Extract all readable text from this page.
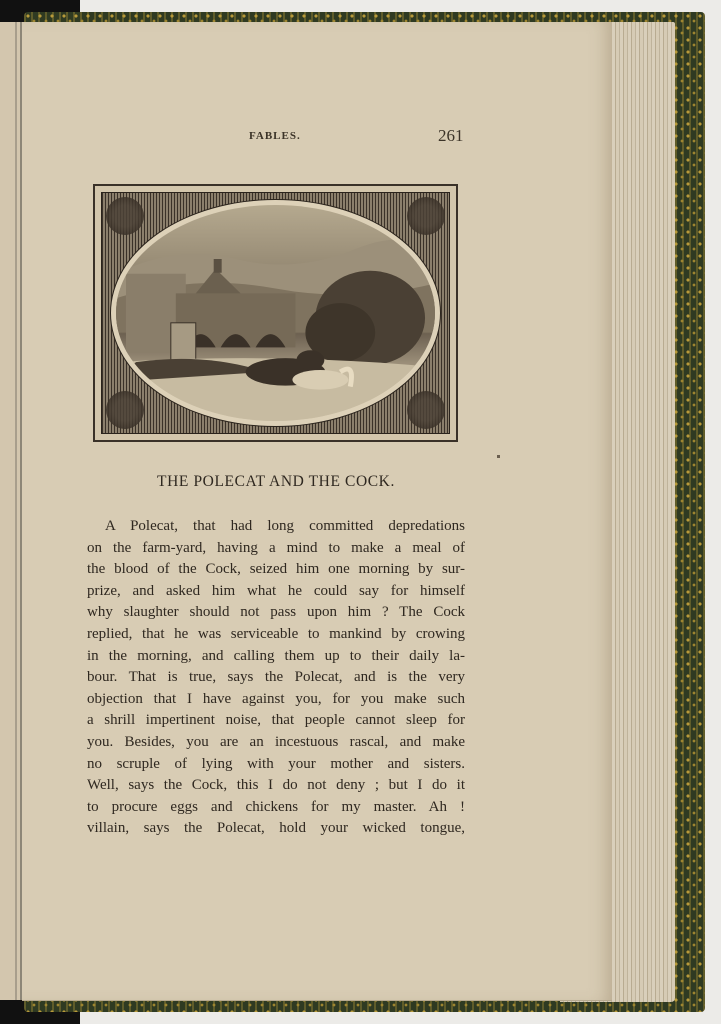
FABLES.	261
THE POLECAT AND THE COCK.
A Polecat, that had long committed depredations
on the farm-yard, having a mind to make a meal of
the blood of the Cock, seized him one morning by sur-
prize, and asked him what he could say for himself
why slaughter should not pass upon him ? The Cock
replied, that he was serviceable to mankind by crowing
in the morning, and calling them up to their daily la-
bour. That is true, says the Polecat, and is the very
objection that I have against you, for you make such
a shrill impertinent noise, that people cannot sleep for
you. Besides, you are an incestuous rascal, and make
no scruple of lying with your mother and sisters.
Well, says the Cock, this I do not deny ; but I do it
to procure eggs and chickens for my master. Ah !
villain, says the Polecat, hold your wicked tongue,
